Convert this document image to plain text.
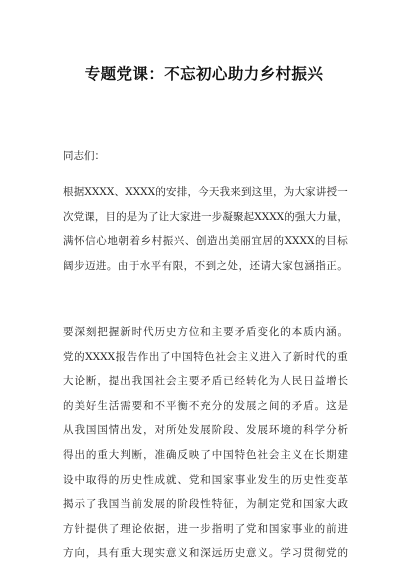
专题党课：不忘初心助力乡村振兴
同志们：
根 据 XXXX 、 XXXX 的 安 排 ， 今 天 我 来 到 这 里 ， 为 大 家 讲 授 一
次 党 课 ， 目 的 是 为 了 让 大 家 进 一 步 凝 聚 起 XXXX 的 强 大 力 量 ，
满 怀 信 心 地 朝 着 乡 村 振 兴 、 创 造 出 美 丽 宜 居 的 XXXX 的 目 标
阔 步 迈 进 。 由 于 水 平 有 限 ， 不 到 之 处 ， 还 请 大 家 包 涵 指 正 。
要 深 刻 把 握 新 时 代 历 史 方 位 和 主 要 矛 盾 变 化 的 本 质 内 涵 。
党 的 XXXX 报 告 作 出 了 中 国 特 色 社 会 主 义 进 入 了 新 时 代 的 重
大 论 断 ， 提 出 我 国 社 会 主 要 矛 盾 已 经 转 化 为 人 民 日 益 增 长
的 美 好 生 活 需 要 和 不 平 衡 不 充 分 的 发 展 之 间 的 矛 盾 。 这 是
从 我 国 国 情 出 发 ， 对 所 处 发 展 阶 段 、 发 展 环 境 的 科 学 分 析
得 出 的 重 大 判 断 ， 准 确 反 映 了 中 国 特 色 社 会 主 义 在 长 期 建
设 中 取 得 的 历 史 性 成 就 、 党 和 国 家 事 业 发 生 的 历 史 性 变 革
揭 示 了 我 国 当 前 发 展 的 阶 段 性 特 征 ， 为 制 定 党 和 国 家 大 政
方 针 提 供 了 理 论 依 据 ， 进 一 步 指 明 了 党 和 国 家 事 业 的 前 进
方 向 ， 具 有 重 大 现 实 意 义 和 深 远 历 史 意 义 。 学 习 贯 彻 党 的
